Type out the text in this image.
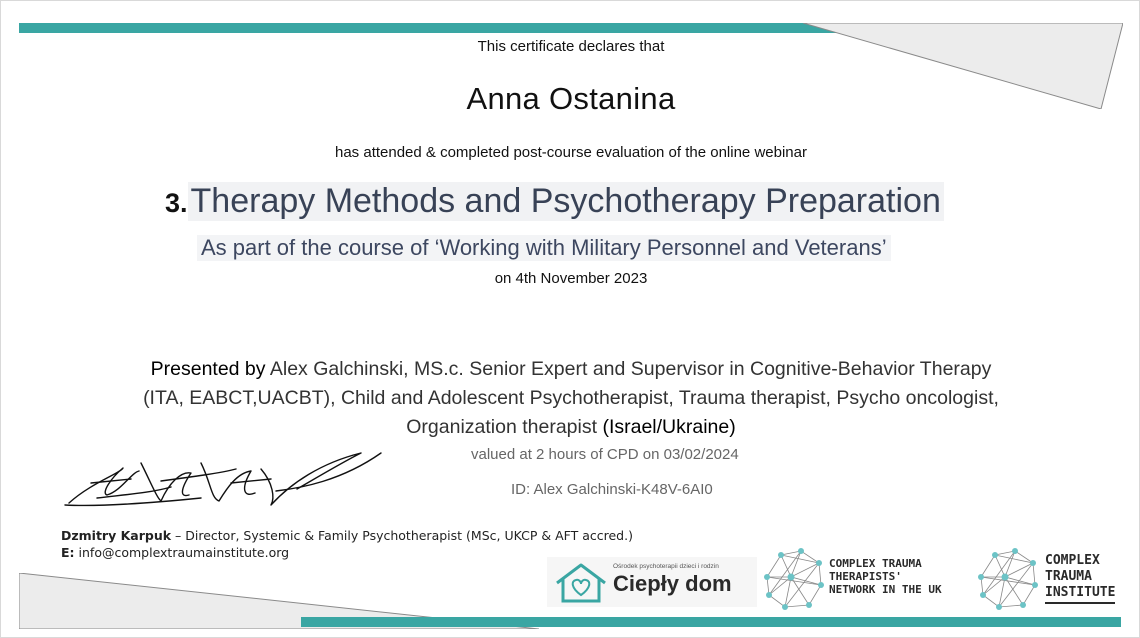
This certificate declares that
Anna Ostanina
has attended & completed post-course evaluation of the online webinar
3.Therapy Methods and Psychotherapy Preparation
As part of the course of ‘Working with Military Personnel and Veterans’
on 4th November 2023
Presented by Alex Galchinski, MS.c. Senior Expert and Supervisor in Cognitive-Behavior Therapy
(ITA, EABCT,UACBT), Child and Adolescent Psychotherapist, Trauma therapist, Psycho oncologist,
Organization therapist (Israel/Ukraine)
valued at 2 hours of CPD on 03/02/2024
ID: Alex Galchinski-K48V-6AI0
Dzmitry Karpuk – Director, Systemic & Family Psychotherapist (MSc, UKCP & AFT accred.)
E: info@complextraumainstitute.org
Ośrodek psychoterapii dzieci i rodzin
Ciepły dom
COMPLEX TRAUMA
THERAPISTS'
NETWORK IN THE UK
COMPLEX
TRAUMA
INSTITUTE
